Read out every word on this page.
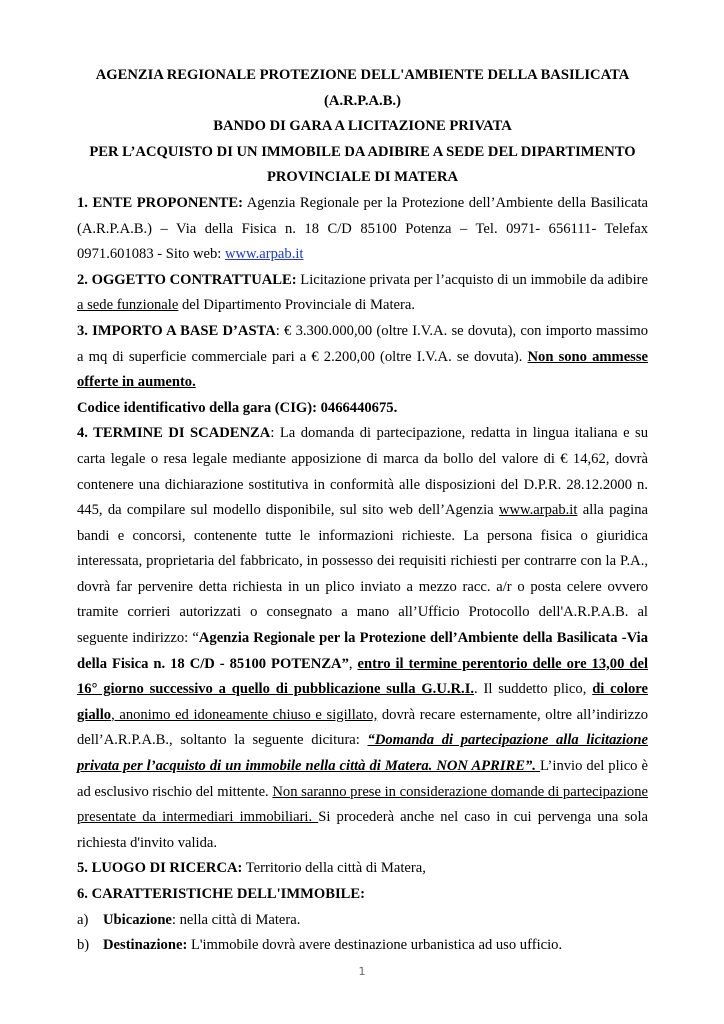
AGENZIA REGIONALE PROTEZIONE DELL'AMBIENTE DELLA BASILICATA
(A.R.P.A.B.)
BANDO DI GARA A LICITAZIONE PRIVATA
PER L’ACQUISTO DI UN IMMOBILE DA ADIBIRE A SEDE DEL DIPARTIMENTO
PROVINCIALE DI MATERA

1. ENTE PROPONENTE: Agenzia Regionale per la Protezione dell’Ambiente della Basilicata (A.R.P.A.B.) – Via della Fisica n. 18 C/D 85100 Potenza – Tel. 0971- 656111- Telefax 0971.601083 - Sito web: www.arpab.it

2. OGGETTO CONTRATTUALE: Licitazione privata per l’acquisto di un immobile da adibire a sede funzionale del Dipartimento Provinciale di Matera.

3. IMPORTO A BASE D’ASTA: € 3.300.000,00 (oltre I.V.A. se dovuta), con importo massimo a mq di superficie commerciale pari a € 2.200,00 (oltre I.V.A. se dovuta). Non sono ammesse offerte in aumento.

Codice identificativo della gara (CIG): 0466440675.

4. TERMINE DI SCADENZA: La domanda di partecipazione, redatta in lingua italiana e su carta legale o resa legale mediante apposizione di marca da bollo del valore di € 14,62, dovrà contenere una dichiarazione sostitutiva in conformità alle disposizioni del D.P.R. 28.12.2000 n. 445, da compilare sul modello disponibile, sul sito web dell’Agenzia www.arpab.it alla pagina bandi e concorsi, contenente tutte le informazioni richieste. La persona fisica o giuridica interessata, proprietaria del fabbricato, in possesso dei requisiti richiesti per contrarre con la P.A., dovrà far pervenire detta richiesta in un plico inviato a mezzo racc. a/r o posta celere ovvero tramite corrieri autorizzati o consegnato a mano all’Ufficio Protocollo dell'A.R.P.A.B. al seguente indirizzo: “Agenzia Regionale per la Protezione dell’Ambiente della Basilicata -Via della Fisica n. 18 C/D - 85100 POTENZA”, entro il termine perentorio delle ore 13,00 del 16° giorno successivo a quello di pubblicazione sulla G.U.R.I.. Il suddetto plico, di colore giallo, anonimo ed idoneamente chiuso e sigillato, dovrà recare esternamente, oltre all’indirizzo dell’A.R.P.A.B., soltanto la seguente dicitura: “Domanda di partecipazione alla licitazione privata per l’acquisto di un immobile nella città di Matera. NON APRIRE”. L’invio del plico è ad esclusivo rischio del mittente. Non saranno prese in considerazione domande di partecipazione presentate da intermediari immobiliari. Si procederà anche nel caso in cui pervenga una sola richiesta d'invito valida.

5. LUOGO DI RICERCA: Territorio della città di Matera,

6. CARATTERISTICHE DELL'IMMOBILE:

a)	Ubicazione: nella città di Matera.
b) Destinazione: L'immobile dovrà avere destinazione urbanistica ad uso ufficio.
1
